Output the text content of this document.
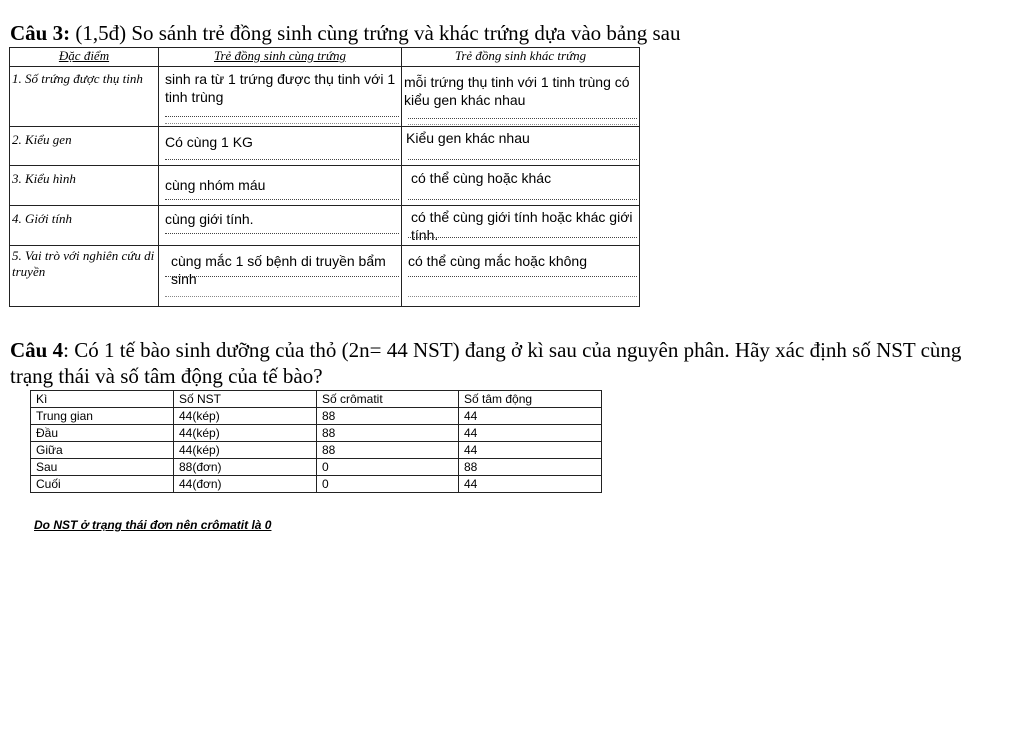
Câu 3: (1,5đ) So sánh trẻ đồng sinh cùng trứng và khác trứng dựa vào bảng sau
Đặc điểm	Trẻ đồng sinh cùng trứng	Trẻ đồng sinh khác trứng
1. Số trứng được thụ tinh	sinh ra từ 1 trứng được thụ tinh với 1 tinh trùng	mỗi trứng thụ tinh với 1 tinh trùng có kiểu gen khác nhau

2. Kiểu gen	Có cùng 1 KG	Kiểu gen khác nhau

3. Kiểu hình	cùng nhóm máu	có thể cùng hoặc khác

4. Giới tính	cùng giới tính.	có thể cùng giới tính hoặc khác giới tính.

5. Vai trò với nghiên cứu di truyền	cùng mắc 1 số bệnh di truyền bẩm sinh	có thể cùng mắc hoặc không
Câu 4: Có 1 tế bào sinh dưỡng của thỏ (2n= 44 NST) đang ở kì sau của nguyên phân. Hãy xác định số NST cùng trạng thái và số tâm động của tế bào?
Kì	Số NST	Số crômatit	Số tâm động
Trung gian	44(kép)	88	44
Đầu	44(kép)	88	44
Giữa	44(kép)	88	44
Sau	88(đơn)	0	88
Cuối	44(đơn)	0	44
Do NST ở trạng thái đơn nên crômatit là 0
